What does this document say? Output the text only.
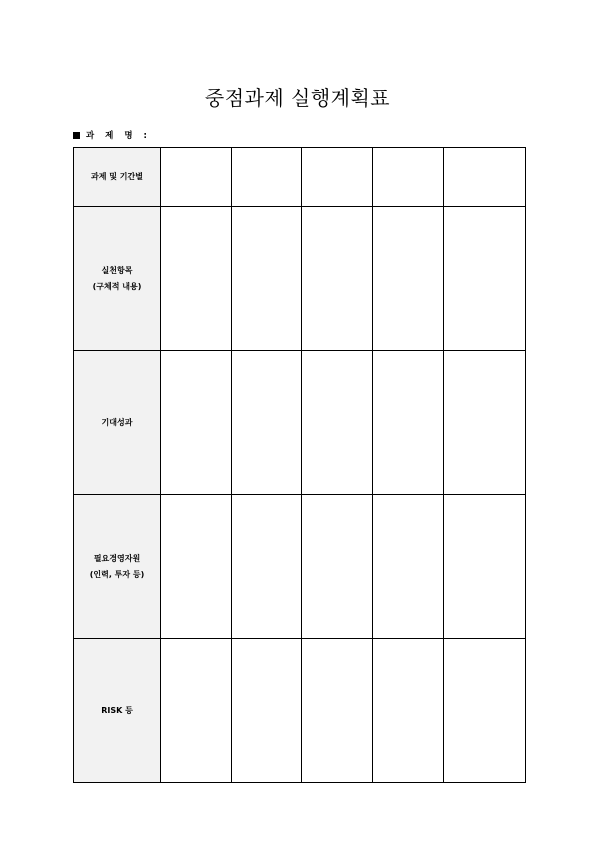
중점과제 실행계획표
과 제 명 :
과제 및 기간별					

실천항목
(구체적 내용)					

기대성과					

필요경영자원
(인력, 투자 등)					

RISK 등					
